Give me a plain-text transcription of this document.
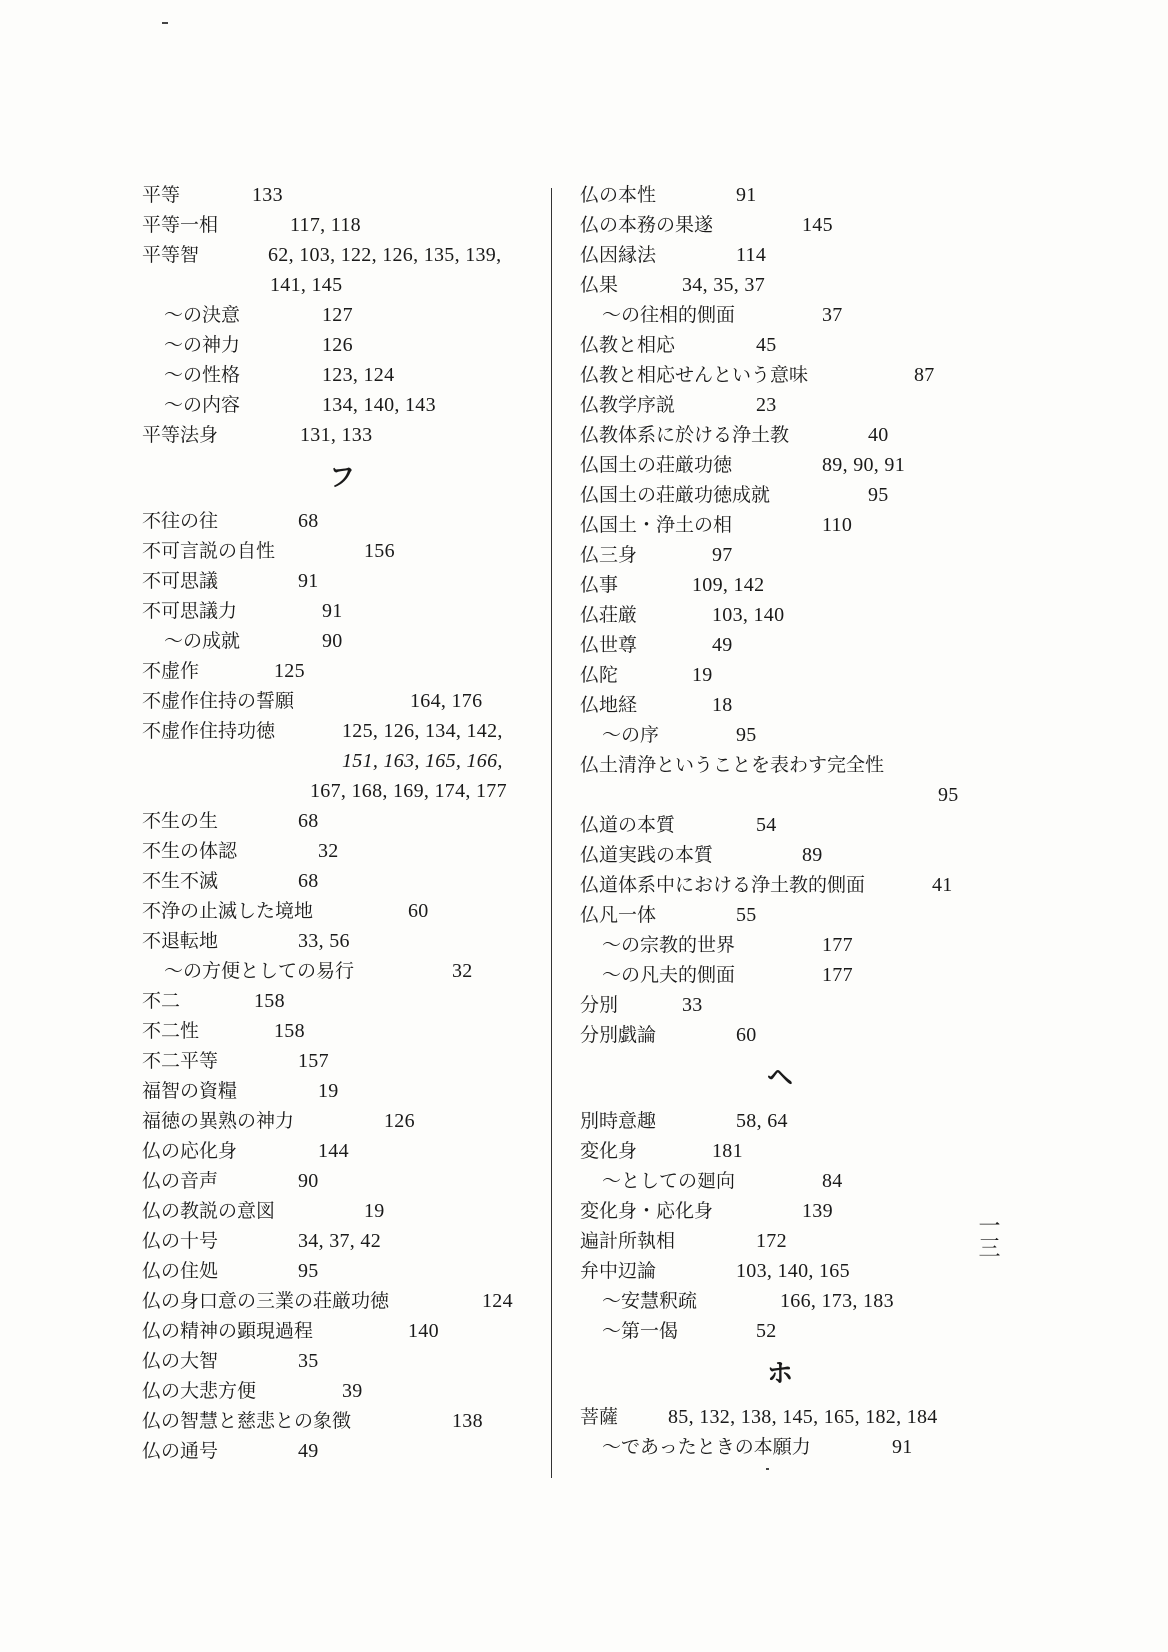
平等	133
平等一相	117, 118
平等智	62, 103, 122, 126, 135, 139,
141, 145
～の決意	127
～の神力	126
～の性格	123, 124
～の内容	134, 140, 143
平等法身	131, 133
フ
不往の往	68
不可言説の自性	156
不可思議	91
不可思議力	91
～の成就	90
不虚作	125
不虚作住持の誓願	164, 176
不虚作住持功徳	125, 126, 134, 142,
151, 163, 165, 166,
167, 168, 169, 174, 177
不生の生	68
不生の体認	32
不生不滅	68
不浄の止滅した境地	60
不退転地	33, 56
～の方便としての易行	32
不二	158
不二性	158
不二平等	157
福智の資糧	19
福徳の異熟の神力	126
仏の応化身	144
仏の音声	90
仏の教説の意図	19
仏の十号	34, 37, 42
仏の住処	95
仏の身口意の三業の荘厳功徳	124
仏の精神の顕現過程	140
仏の大智	35
仏の大悲方便	39
仏の智慧と慈悲との象徴	138
仏の通号	49
仏の本性	91
仏の本務の果遂	145
仏因縁法	114
仏果	34, 35, 37
～の往相的側面	37
仏教と相応	45
仏教と相応せんという意味	87
仏教学序説	23
仏教体系に於ける浄土教	40
仏国土の荘厳功徳	89, 90, 91
仏国土の荘厳功徳成就	95
仏国土・浄土の相	110
仏三身	97
仏事	109, 142
仏荘厳	103, 140
仏世尊	49
仏陀	19
仏地経	18
～の序	95
仏土清浄ということを表わす完全性
95
仏道の本質	54
仏道実践の本質	89
仏道体系中における浄土教的側面	41
仏凡一体	55
～の宗教的世界	177
～の凡夫的側面	177
分別	33
分別戯論	60
ヘ
別時意趣	58, 64
変化身	181
～としての廻向	84
変化身・応化身	139
遍計所執相	172
弁中辺論	103, 140, 165
～安慧釈疏	166, 173, 183
～第一偈	52
ホ
菩薩 85, 132, 138, 145, 165, 182, 184
～であったときの本願力	91
一三
